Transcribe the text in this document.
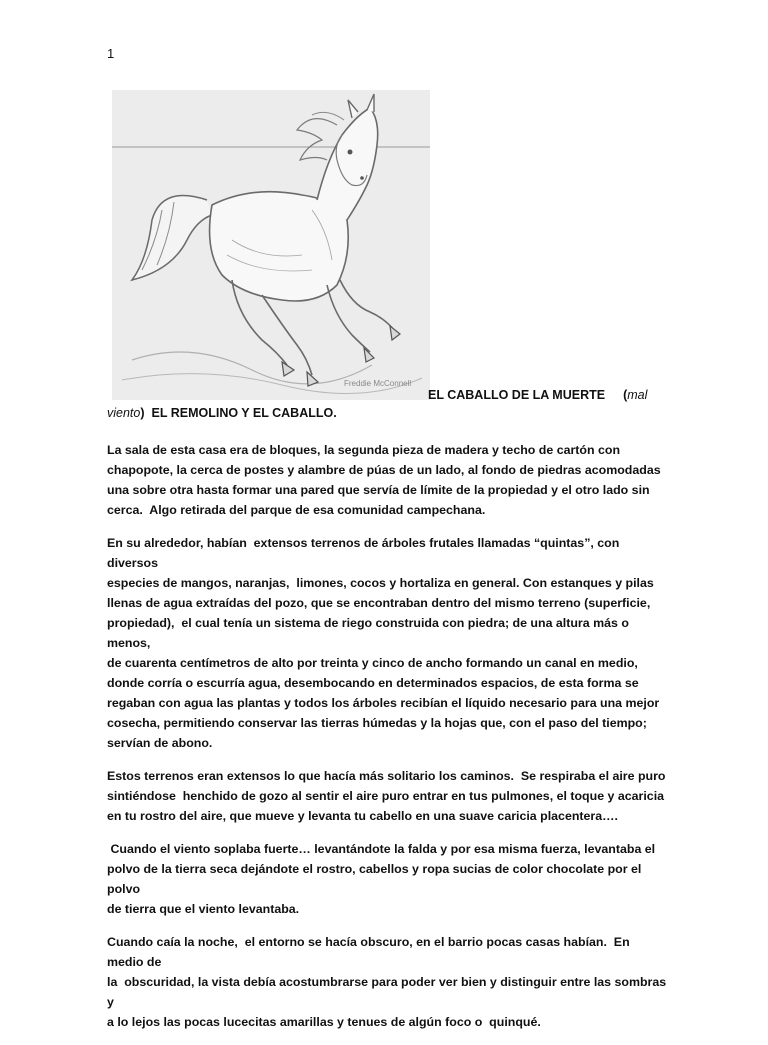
1
Freddie McConnell
EL CABALLO DE LA MUERTE (mal
viento) EL REMOLINO Y EL CABALLO.

La sala de esta casa era de bloques, la segunda pieza de madera y techo de cartón con
chapopote, la cerca de postes y alambre de púas de un lado, al fondo de piedras acomodadas
una sobre otra hasta formar una pared que servía de límite de la propiedad y el otro lado sin
cerca.  Algo retirada del parque de esa comunidad campechana.

En su alrededor, habían  extensos terrenos de árboles frutales llamadas “quintas”, con diversos
especies de mangos, naranjas,  limones, cocos y hortaliza en general. Con estanques y pilas
llenas de agua extraídas del pozo, que se encontraban dentro del mismo terreno (superficie,
propiedad),  el cual tenía un sistema de riego construida con piedra; de una altura más o menos,
de cuarenta centímetros de alto por treinta y cinco de ancho formando un canal en medio,
donde corría o escurría agua, desembocando en determinados espacios, de esta forma se
regaban con agua las plantas y todos los árboles recibían el líquido necesario para una mejor
cosecha, permitiendo conservar las tierras húmedas y la hojas que, con el paso del tiempo;
servían de abono.

Estos terrenos eran extensos lo que hacía más solitario los caminos.  Se respiraba el aire puro
sintiéndose  henchido de gozo al sentir el aire puro entrar en tus pulmones, el toque y acaricia
en tu rostro del aire, que mueve y levanta tu cabello en una suave caricia placentera….

Cuando el viento soplaba fuerte… levantándote la falda y por esa misma fuerza, levantaba el
polvo de la tierra seca dejándote el rostro, cabellos y ropa sucias de color chocolate por el polvo
de tierra que el viento levantaba.

Cuando caía la noche,  el entorno se hacía obscuro, en el barrio pocas casas habían.  En medio de
la  obscuridad, la vista debía acostumbrarse para poder ver bien y distinguir entre las sombras y
a lo lejos las pocas lucecitas amarillas y tenues de algún foco o  quinqué.
